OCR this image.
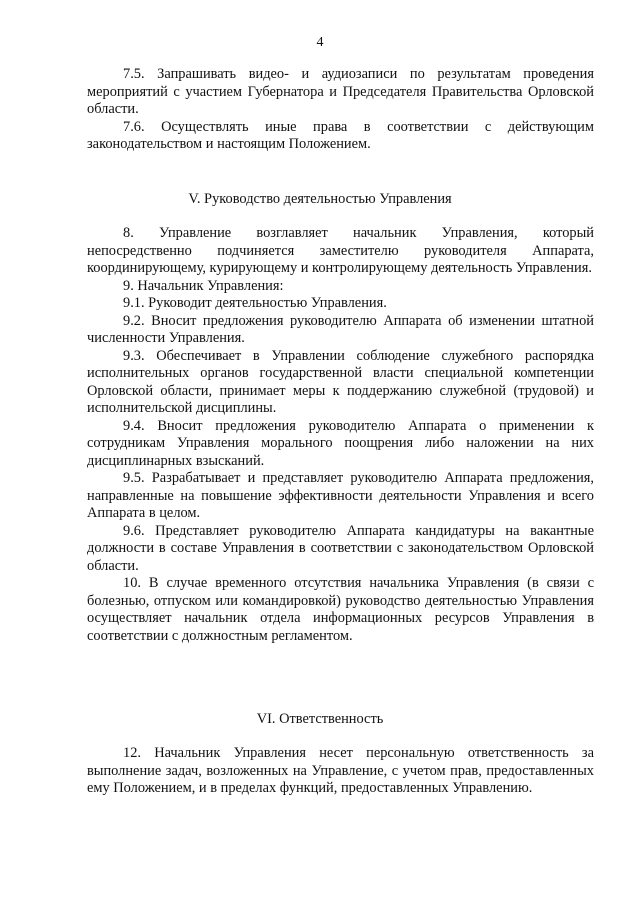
4

7.5. Запрашивать видео- и аудиозаписи по результатам проведения мероприятий с участием Губернатора и Председателя Правительства Орловской области.

7.6. Осуществлять иные права в соответствии с действующим законодательством и настоящим Положением.

V. Руководство деятельностью Управления

8. Управление возглавляет начальник Управления, который непосредственно подчиняется заместителю руководителя Аппарата, координирующему, курирующему и контролирующему деятельность Управления.

9. Начальник Управления:

9.1. Руководит деятельностью Управления.

9.2. Вносит предложения руководителю Аппарата об изменении штатной численности Управления.

9.3. Обеспечивает в Управлении соблюдение служебного распорядка исполнительных органов государственной власти специальной компетенции Орловской области, принимает меры к поддержанию служебной (трудовой) и исполнительской дисциплины.

9.4. Вносит предложения руководителю Аппарата о применении к сотрудникам Управления морального поощрения либо наложении на них дисциплинарных взысканий.

9.5. Разрабатывает и представляет руководителю Аппарата предложения, направленные на повышение эффективности деятельности Управления и всего Аппарата в целом.

9.6. Представляет руководителю Аппарата кандидатуры на вакантные должности в составе Управления в соответствии с законодательством Орловской области.

10. В случае временного отсутствия начальника Управления (в связи с болезнью, отпуском или командировкой) руководство деятельностью Управления осуществляет начальник отдела информационных ресурсов Управления в соответствии с должностным регламентом.

VI. Ответственность

12. Начальник Управления несет персональную ответственность за выполнение задач, возложенных на Управление, с учетом прав, предоставленных ему Положением, и в пределах функций, предоставленных Управлению.
